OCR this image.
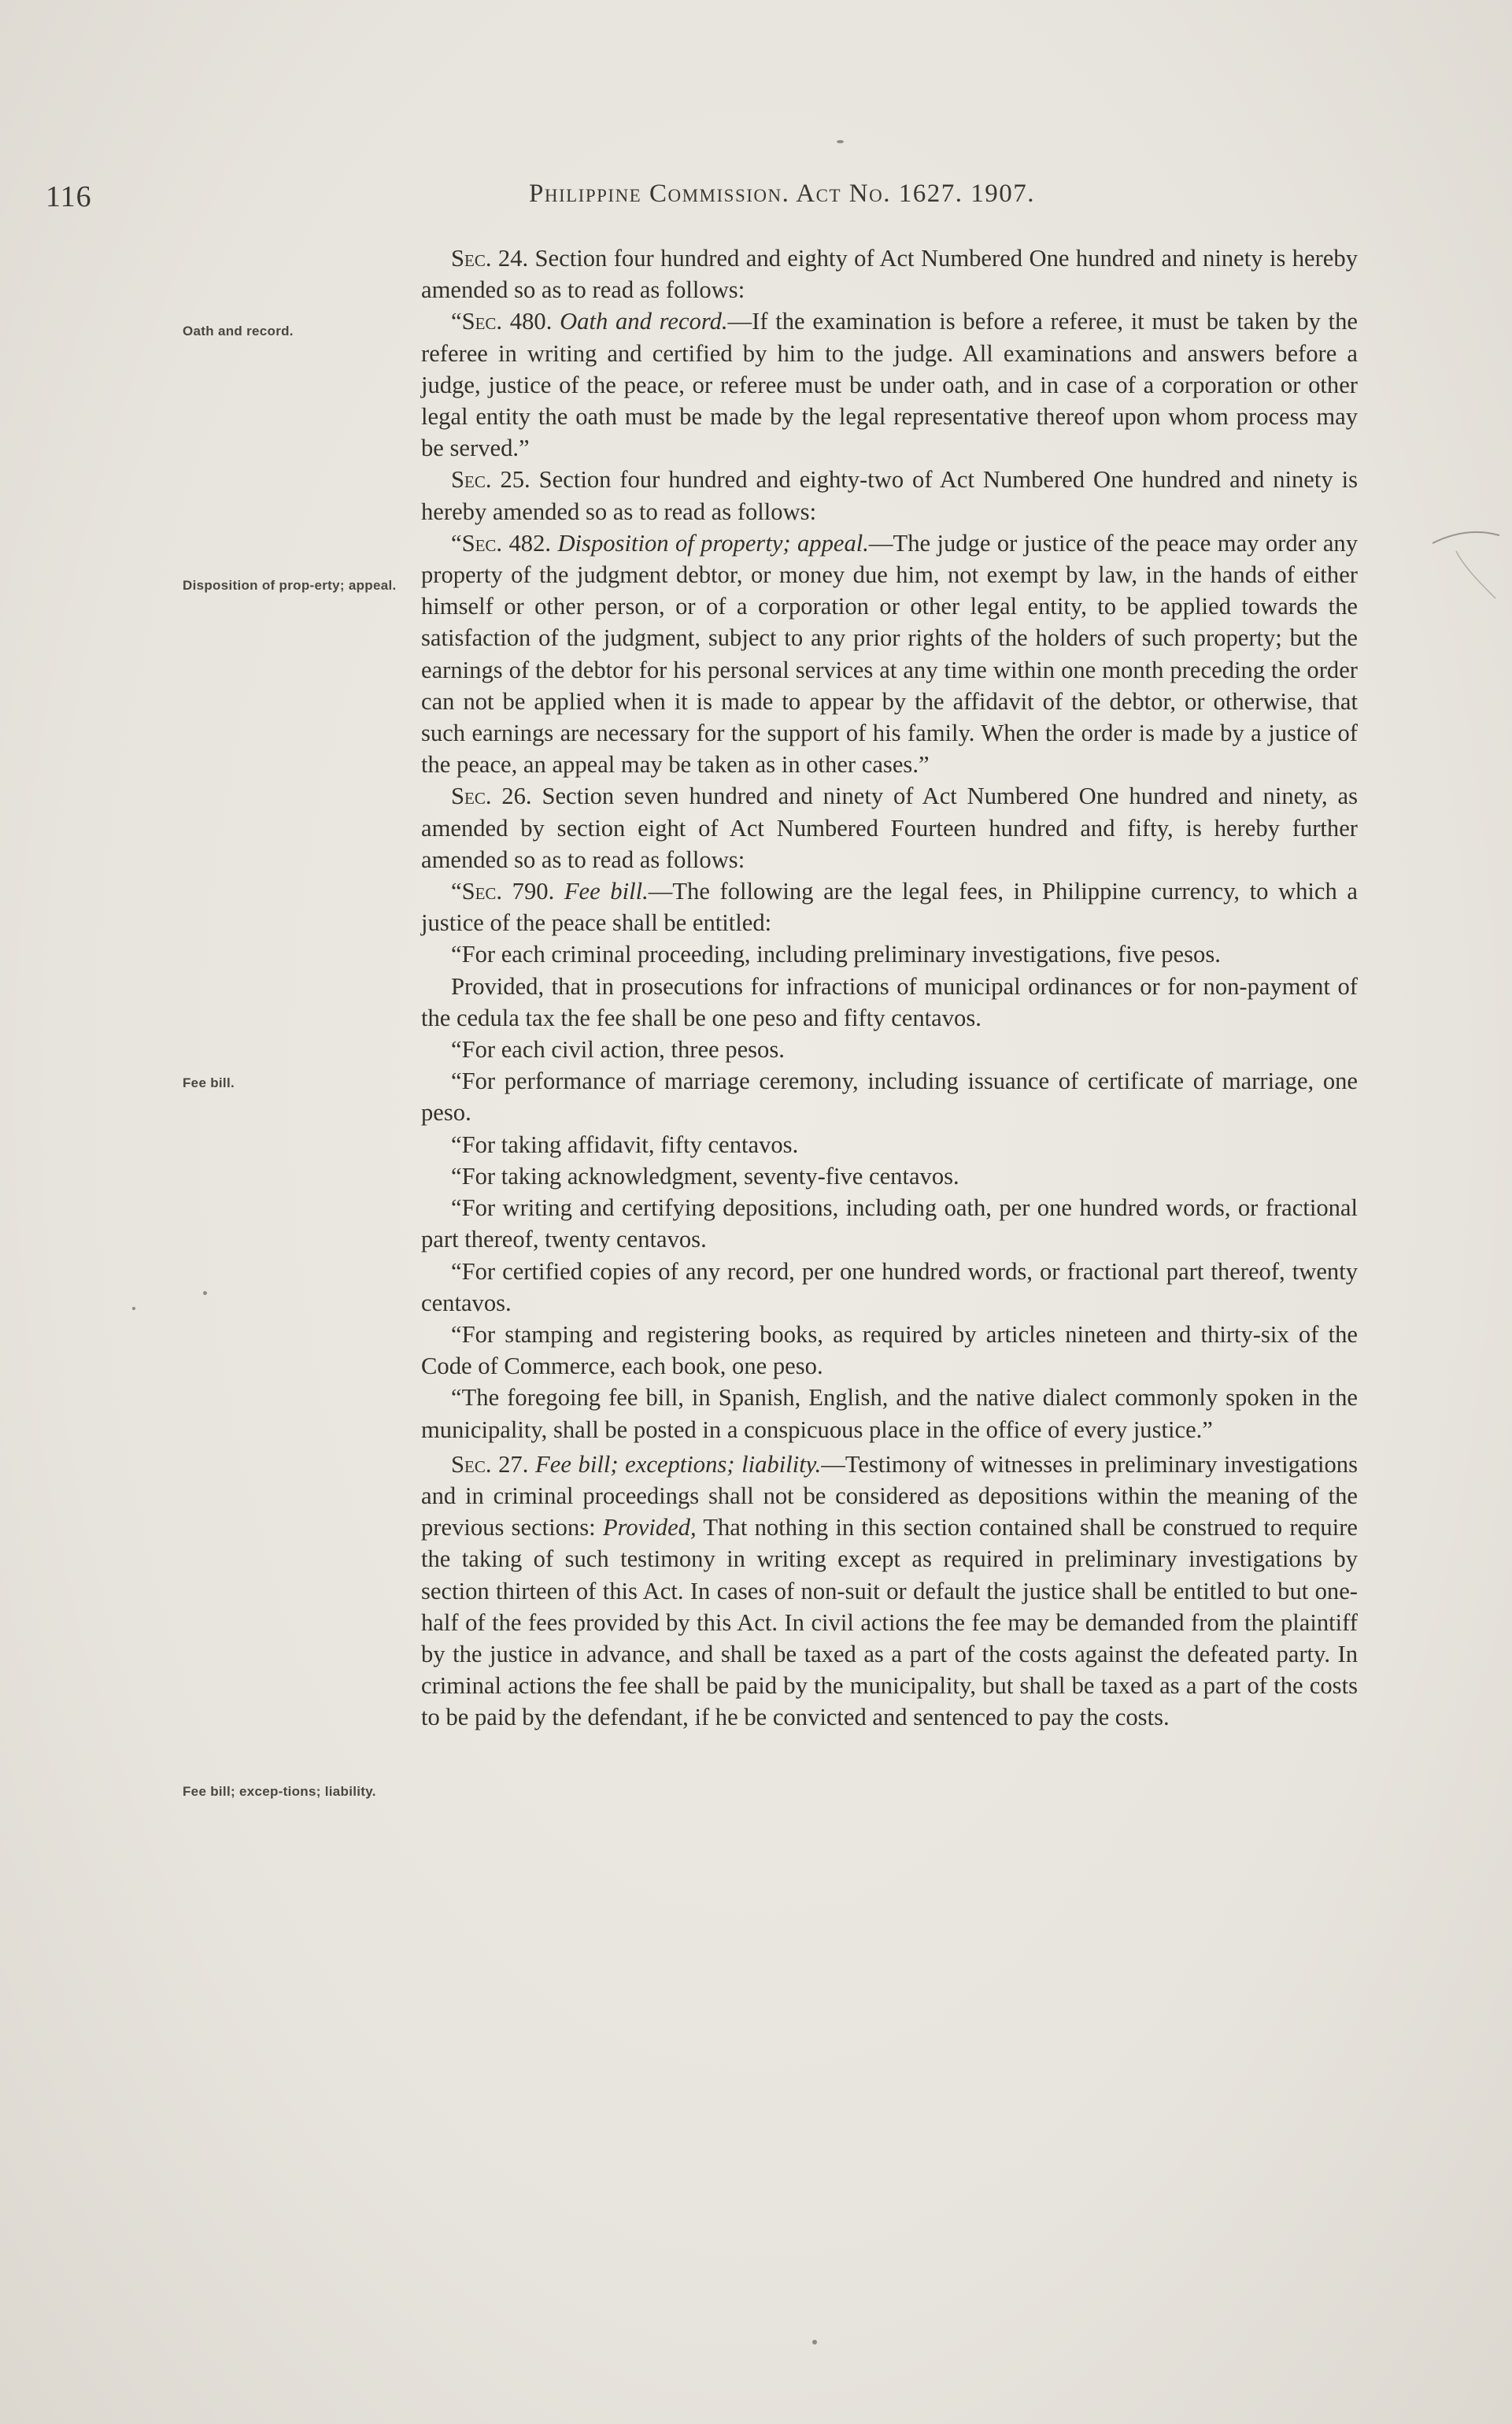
116	Philippine Commission. Act No. 1627. 1907.
Oath and record.
Disposition of prop-erty; appeal.
Fee bill.
Fee bill; excep-tions; liability.

Sec. 24. Section four hundred and eighty of Act Numbered One hundred and ninety is hereby amended so as to read as follows:

“Sec. 480. Oath and record.—If the examination is before a referee, it must be taken by the referee in writing and certified by him to the judge. All examinations and answers before a judge, justice of the peace, or referee must be under oath, and in case of a corporation or other legal entity the oath must be made by the legal representative thereof upon whom process may be served.”

Sec. 25. Section four hundred and eighty-two of Act Numbered One hundred and ninety is hereby amended so as to read as follows:

“Sec. 482. Disposition of property; appeal.—The judge or justice of the peace may order any property of the judgment debtor, or money due him, not exempt by law, in the hands of either himself or other person, or of a corporation or other legal entity, to be applied towards the satisfaction of the judgment, subject to any prior rights of the holders of such property; but the earnings of the debtor for his personal services at any time within one month preceding the order can not be applied when it is made to appear by the affidavit of the debtor, or otherwise, that such earnings are necessary for the support of his family. When the order is made by a justice of the peace, an appeal may be taken as in other cases.”

Sec. 26. Section seven hundred and ninety of Act Numbered One hundred and ninety, as amended by section eight of Act Numbered Fourteen hundred and fifty, is hereby further amended so as to read as follows:

“Sec. 790. Fee bill.—The following are the legal fees, in Philippine currency, to which a justice of the peace shall be entitled:

“For each criminal proceeding, including preliminary investigations, five pesos.

Provided, that in prosecutions for infractions of municipal ordinances or for non-payment of the cedula tax the fee shall be one peso and fifty centavos.

“For each civil action, three pesos.

“For performance of marriage ceremony, including issuance of certificate of marriage, one peso.

“For taking affidavit, fifty centavos.

“For taking acknowledgment, seventy-five centavos.

“For writing and certifying depositions, including oath, per one hundred words, or fractional part thereof, twenty centavos.

“For certified copies of any record, per one hundred words, or fractional part thereof, twenty centavos.

“For stamping and registering books, as required by articles nineteen and thirty-six of the Code of Commerce, each book, one peso.

“The foregoing fee bill, in Spanish, English, and the native dialect commonly spoken in the municipality, shall be posted in a conspicuous place in the office of every justice.”

Sec. 27. Fee bill; exceptions; liability.—Testimony of witnesses in preliminary investigations and in criminal proceedings shall not be considered as depositions within the meaning of the previous sections: Provided, That nothing in this section contained shall be construed to require the taking of such testimony in writing except as required in preliminary investigations by section thirteen of this Act. In cases of non-suit or default the justice shall be entitled to but one-half of the fees provided by this Act. In civil actions the fee may be demanded from the plaintiff by the justice in advance, and shall be taxed as a part of the costs against the defeated party. In criminal actions the fee shall be paid by the municipality, but shall be taxed as a part of the costs to be paid by the defendant, if he be convicted and sentenced to pay the costs.
